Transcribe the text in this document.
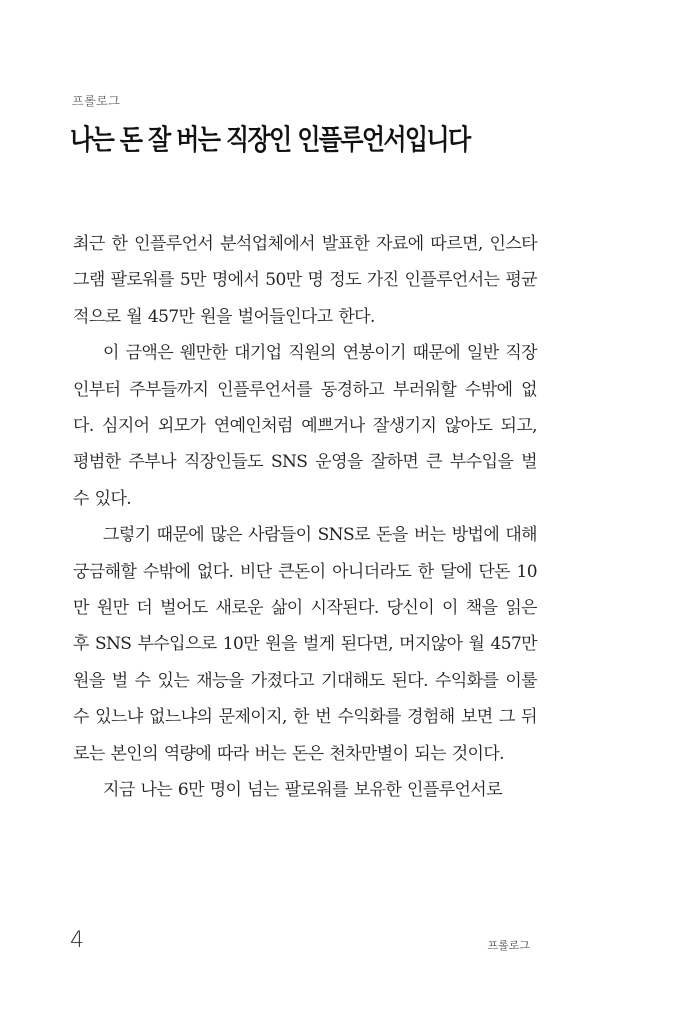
프롤로그
나는 돈 잘 버는 직장인 인플루언서입니다

최근 한 인플루언서 분석업체에서 발표한 자료에 따르면, 인스타그램 팔로워를 5만 명에서 50만 명 정도 가진 인플루언서는 평균적으로 월 457만 원을 벌어들인다고 한다.

이 금액은 웬만한 대기업 직원의 연봉이기 때문에 일반 직장인부터 주부들까지 인플루언서를 동경하고 부러워할 수밖에 없다. 심지어 외모가 연예인처럼 예쁘거나 잘생기지 않아도 되고, 평범한 주부나 직장인들도 SNS 운영을 잘하면 큰 부수입을 벌 수 있다.

그렇기 때문에 많은 사람들이 SNS로 돈을 버는 방법에 대해 궁금해할 수밖에 없다. 비단 큰돈이 아니더라도 한 달에 단돈 10만 원만 더 벌어도 새로운 삶이 시작된다. 당신이 이 책을 읽은 후 SNS 부수입으로 10만 원을 벌게 된다면, 머지않아 월 457만 원을 벌 수 있는 재능을 가졌다고 기대해도 된다. 수익화를 이룰 수 있느냐 없느냐의 문제이지, 한 번 수익화를 경험해 보면 그 뒤로는 본인의 역량에 따라 버는 돈은 천차만별이 되는 것이다.

지금 나는 6만 명이 넘는 팔로워를 보유한 인플루언서로

4	프롤로그
